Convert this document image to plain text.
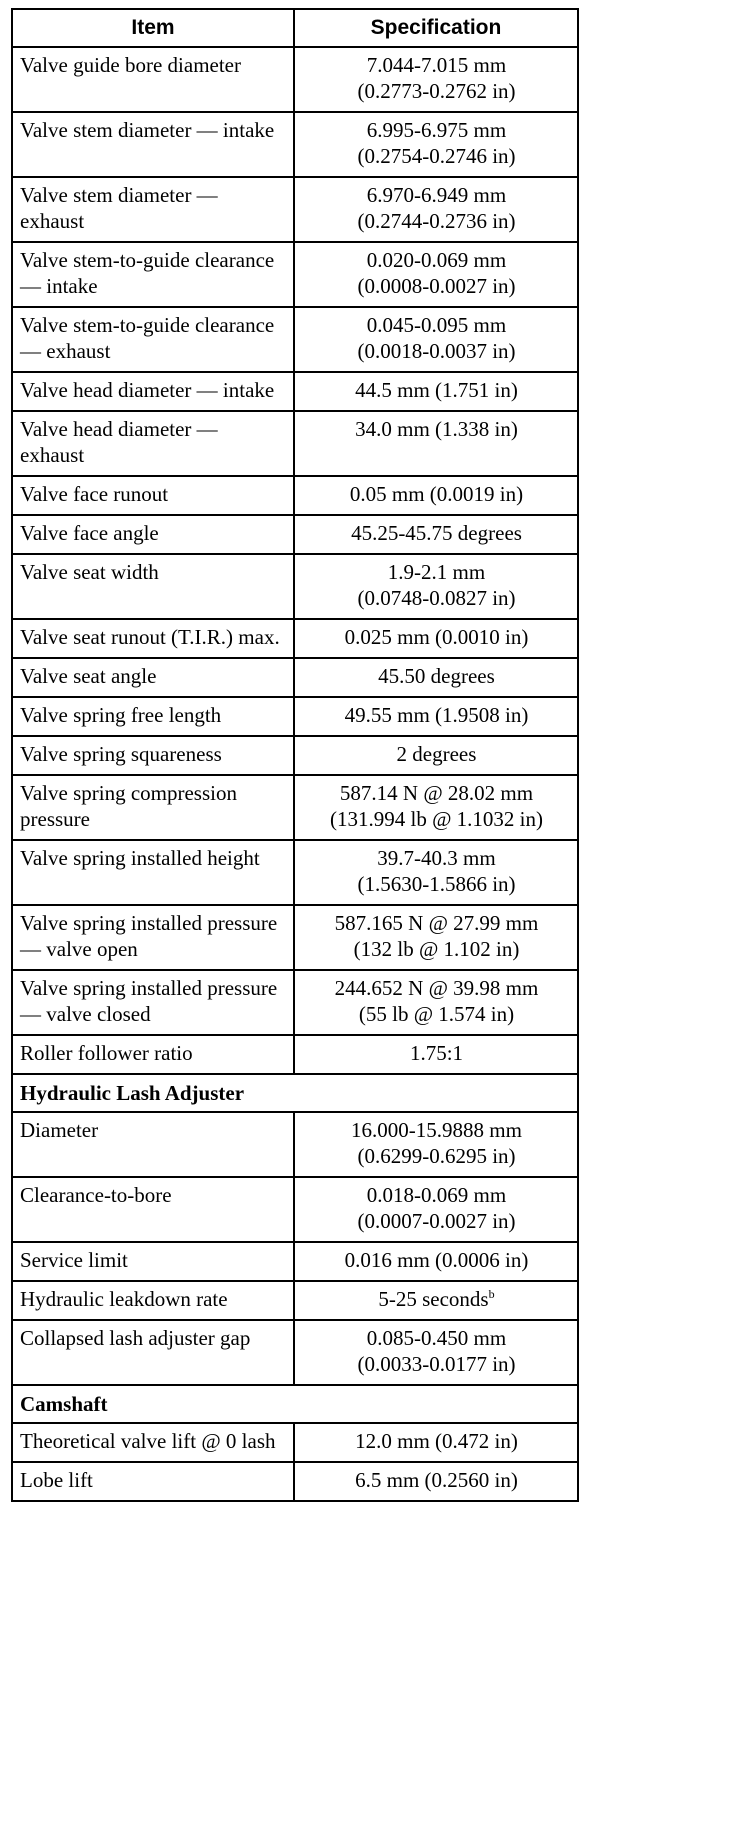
Item	Specification
Valve guide bore diameter	7.044-7.015 mm
(0.2773-0.2762 in)
Valve stem diameter — intake	6.995-6.975 mm
(0.2754-0.2746 in)
Valve stem diameter — exhaust	6.970-6.949 mm
(0.2744-0.2736 in)
Valve stem-to-guide clearance — intake	0.020-0.069 mm
(0.0008-0.0027 in)
Valve stem-to-guide clearance — exhaust	0.045-0.095 mm
(0.0018-0.0037 in)
Valve head diameter — intake	44.5 mm (1.751 in)
Valve head diameter — exhaust	34.0 mm (1.338 in)
Valve face runout	0.05 mm (0.0019 in)
Valve face angle	45.25-45.75 degrees
Valve seat width	1.9-2.1 mm
(0.0748-0.0827 in)
Valve seat runout (T.I.R.) max.	0.025 mm (0.0010 in)
Valve seat angle	45.50 degrees
Valve spring free length	49.55 mm (1.9508 in)
Valve spring squareness	2 degrees
Valve spring compression pressure	587.14 N @ 28.02 mm
(131.994 lb @ 1.1032 in)
Valve spring installed height	39.7-40.3 mm
(1.5630-1.5866 in)
Valve spring installed pressure — valve open	587.165 N @ 27.99 mm
(132 lb @ 1.102 in)
Valve spring installed pressure — valve closed	244.652 N @ 39.98 mm
(55 lb @ 1.574 in)
Roller follower ratio	1.75:1
Hydraulic Lash Adjuster	
Diameter	16.000-15.9888 mm
(0.6299-0.6295 in)
Clearance-to-bore	0.018-0.069 mm
(0.0007-0.0027 in)
Service limit	0.016 mm (0.0006 in)
Hydraulic leakdown rate	5-25 seconds$^b$
Collapsed lash adjuster gap	0.085-0.450 mm
(0.0033-0.0177 in)
Camshaft	
Theoretical valve lift @ 0 lash	12.0 mm (0.472 in)
Lobe lift	6.5 mm (0.2560 in)
